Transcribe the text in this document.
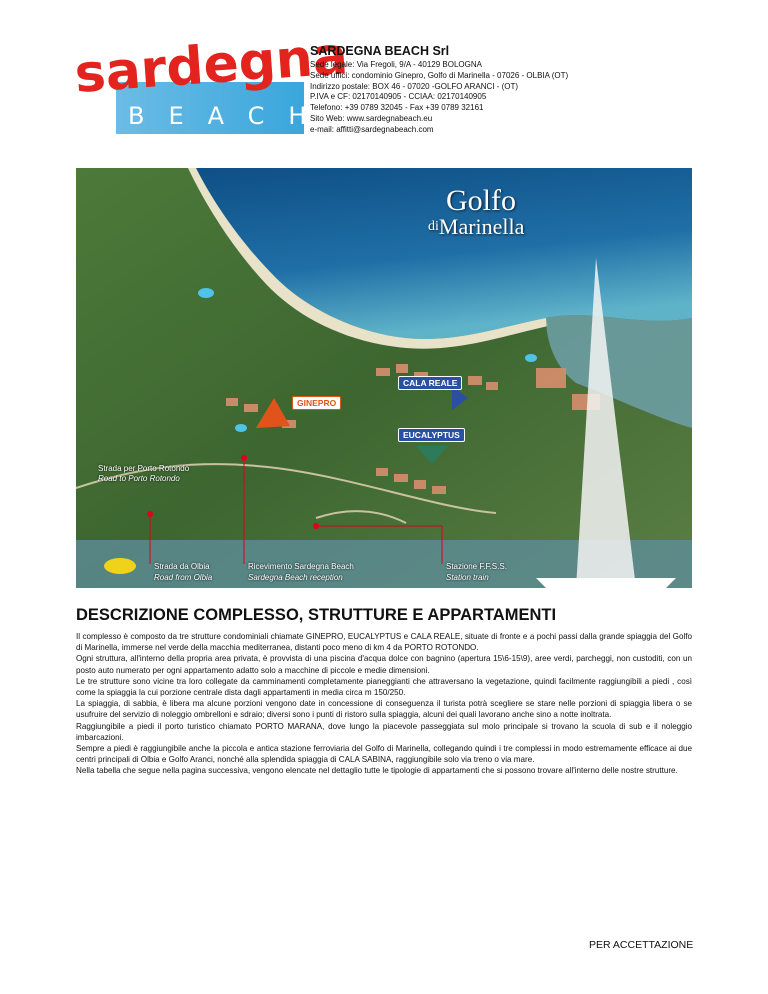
sardegna
BEACH
SARDEGNA BEACH Srl
Sede legale: Via Fregoli, 9/A - 40129 BOLOGNA
Sede uffici: condominio Ginepro, Golfo di Marinella - 07026 - OLBIA (OT)
Indirizzo postale: BOX 46 - 07020 -GOLFO ARANCI - (OT)
P.IVA e CF: 02170140905 - CCIAA: 02170140905
Telefono: +39 0789 32045 - Fax +39 0789 32161
Sito Web: www.sardegnabeach.eu
e-mail: affitti@sardegnabeach.com
Golfo
$^{di}$Marinella
CALA REALE
GINEPRO
EUCALYPTUS
Strada per Porto Rotondo
Road to Porto Rotondo
Strada da Olbia
Road from Olbia
Ricevimento Sardegna Beach
Sardegna Beach reception
Stazione F.F.S.S.
Station train
DESCRIZIONE COMPLESSO, STRUTTURE E APPARTAMENTI

Il complesso è composto da tre strutture condominiali chiamate GINEPRO, EUCALYPTUS e CALA REALE, situate di fronte e a pochi passi dalla grande spiaggia del Golfo di Marinella, immerse nel verde della macchia mediterranea, distanti poco meno di km 4 da PORTO ROTONDO.

Ogni struttura, all'interno della propria area privata, è provvista di una piscina d'acqua dolce con bagnino (apertura 15\6-15\9), aree verdi, parcheggi, non custoditi, con un posto auto numerato per ogni appartamento adatto solo a macchine di piccole e medie dimensioni.

Le tre strutture sono vicine tra loro collegate da camminamenti completamente pianeggianti che attraversano la vegetazione, quindi facilmente raggiungibili a piedi , così come la spiaggia la cui porzione centrale dista dagli appartamenti in media circa m 150/250.

La spiaggia, di sabbia, è libera ma alcune porzioni vengono date in concessione di conseguenza il turista potrà scegliere se stare nelle porzioni di spiaggia libera o se usufruire del servizio di noleggio ombrelloni e sdraio; diversi sono i punti di ristoro sulla spiaggia, alcuni dei quali lavorano anche sino a notte inoltrata.

Raggiungibile a piedi il porto turistico chiamato PORTO MARANA, dove lungo la piacevole passeggiata sul molo principale si trovano la scuola di sub e il noleggio imbarcazioni.

Sempre a piedi è raggiungibile anche la piccola e antica stazione ferroviaria del Golfo di Marinella, collegando quindi i tre complessi in modo estremamente efficace ai due centri principali di Olbia e Golfo Aranci, nonché alla splendida spiaggia di CALA SABINA, raggiungibile solo via treno o via mare.

Nella tabella che segue nella pagina successiva, vengono elencate nel dettaglio tutte le tipologie di appartamenti che si possono trovare all'interno delle nostre strutture.

PER ACCETTAZIONE
